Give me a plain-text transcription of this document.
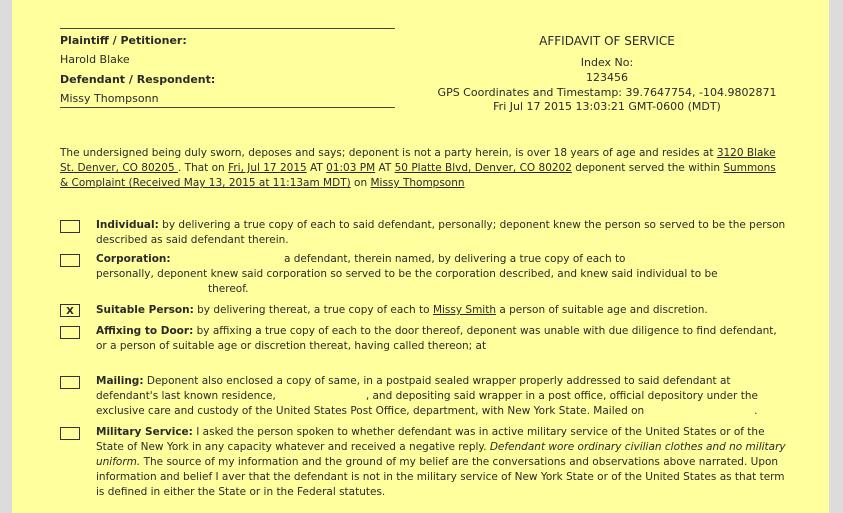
Plaintiff / Petitioner:
Harold Blake
Defendant / Respondent:
Missy Thompsonn
AFFIDAVIT OF SERVICE
Index No:
123456
GPS Coordinates and Timestamp: 39.7647754, -104.9802871
Fri Jul 17 2015 13:03:21 GMT-0600 (MDT)
The undersigned being duly sworn, deposes and says; deponent is not a party herein, is over 18 years of age and resides at 3120 Blake St. Denver, CO 80205 . That on Fri, Jul 17 2015 AT 01:03 PM AT 50 Platte Blvd, Denver, CO 80202 deponent served the within Summons & Complaint (Received May 13, 2015 at 11:13am MDT) on Missy Thompsonn
Individual: by delivering a true copy of each to said defendant, personally; deponent knew the person so served to be the person described as said defendant therein.
Corporation:	a defendant, therein named, by delivering a true copy of each to
personally, deponent knew said corporation so served to be the corporation described, and knew said individual to be
thereof.
X	Suitable Person: by delivering thereat, a true copy of each to Missy Smith a person of suitable age and discretion.
Affixing to Door: by affixing a true copy of each to the door thereof, deponent was unable with due diligence to find defendant, or a person of suitable age or discretion thereat, having called thereon; at
Mailing: Deponent also enclosed a copy of same, in a postpaid sealed wrapper properly addressed to said defendant at defendant's last known residence,	, and depositing said wrapper in a post office, official depository under the exclusive care and custody of the United States Post Office, department, with New York State. Mailed on	.
Military Service: I asked the person spoken to whether defendant was in active military service of the United States or of the State of New York in any capacity whatever and received a negative reply. Defendant wore ordinary civilian clothes and no military uniform. The source of my information and the ground of my belief are the conversations and observations above narrated. Upon information and belief I aver that the defendant is not in the military service of New York State or of the United States as that term is defined in either the State or in the Federal statutes.
